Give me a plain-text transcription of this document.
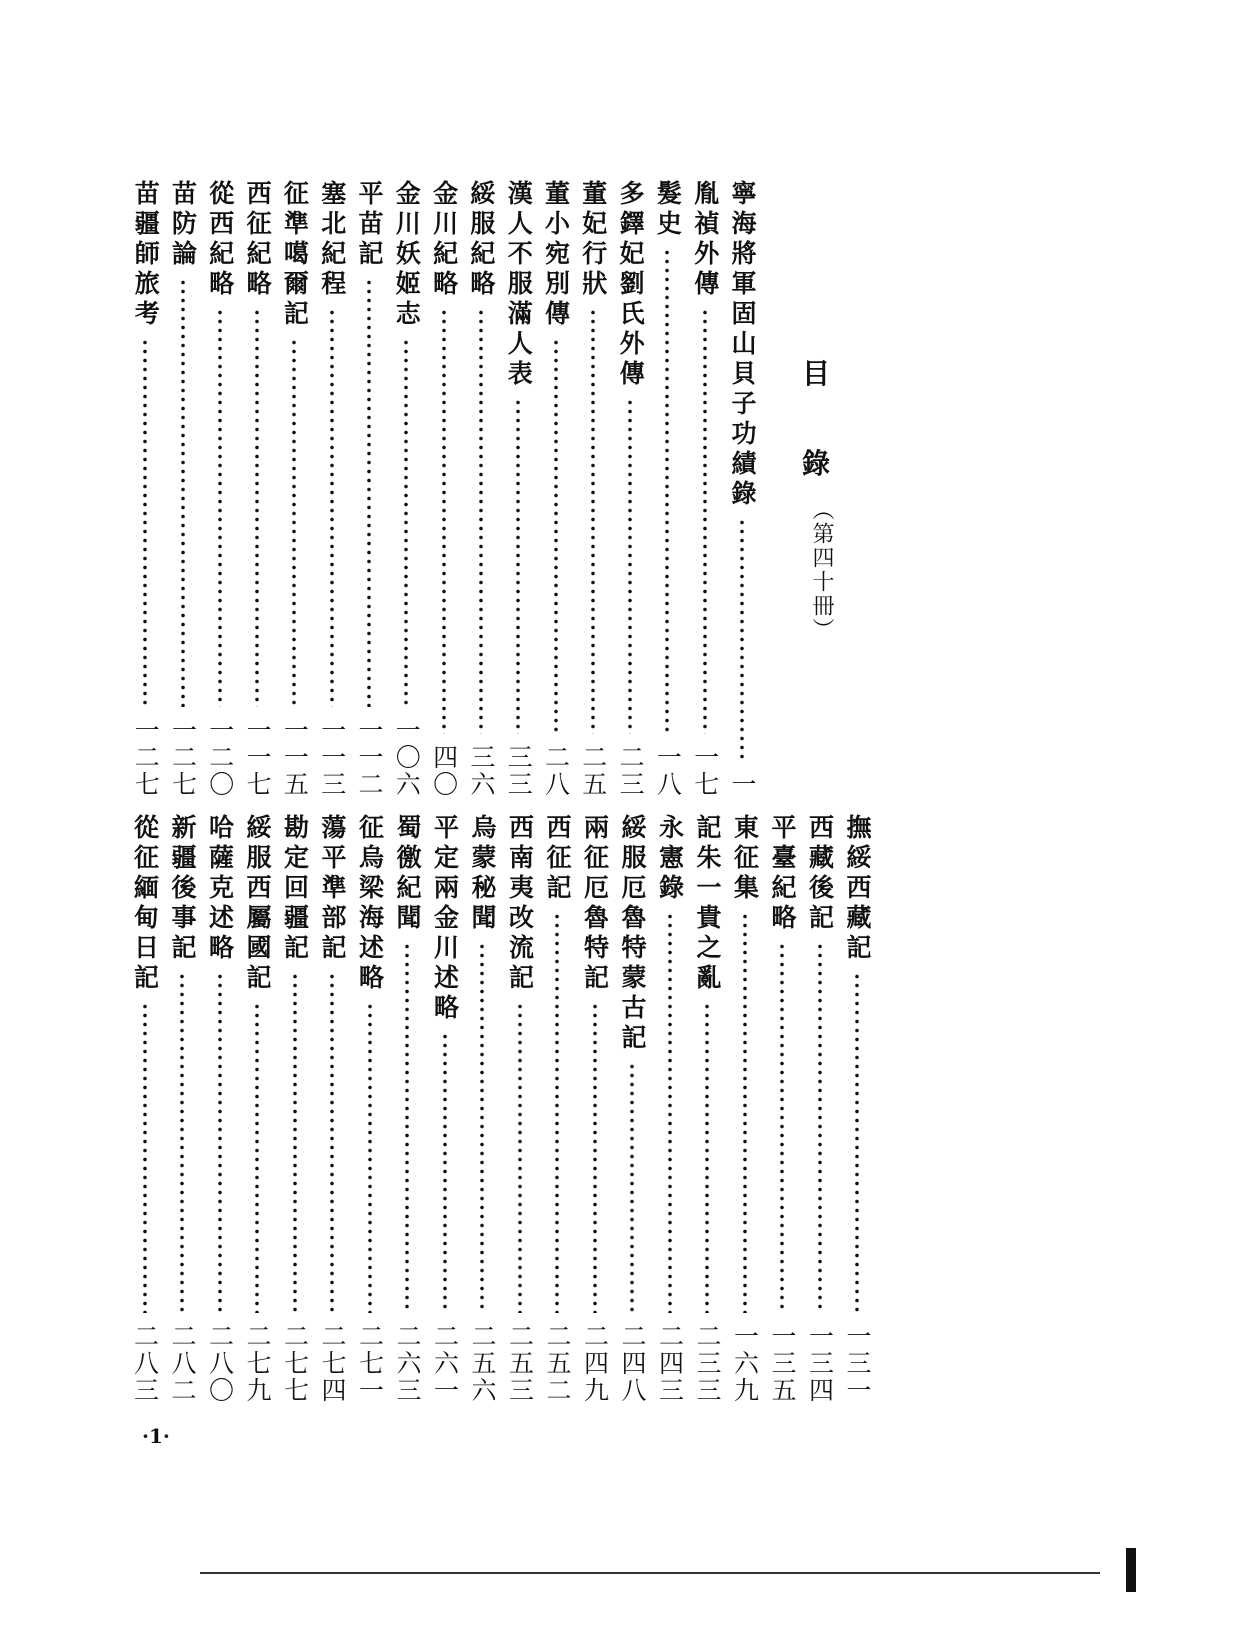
目
錄
（第四十冊）
寧海將軍固山貝子功績錄
一
胤禎外傳
一七
髮史
一八
多鐸妃劉氏外傳
二三
董妃行狀
二五
董小宛別傳
二八
漢人不服滿人表
三三
綏服紀略
三六
金川紀略
四〇
金川妖姬志
一〇六
平苗記
一一二
塞北紀程
一一三
征準噶爾記
一一五
西征紀略
一一七
從西紀略
一二〇
苗防論
一二七
苗疆師旅考
一二七
撫綏西藏記
一三一
西藏後記
一三四
平臺紀略
一三五
東征集
一六九
記朱一貴之亂
二三三
永憲錄
二四三
綏服厄魯特蒙古記
二四八
兩征厄魯特記
二四九
西征記
二五二
西南夷改流記
二五三
烏蒙秘聞
二五六
平定兩金川述略
二六一
蜀徼紀聞
二六三
征烏梁海述略
二七一
蕩平準部記
二七四
勘定回疆記
二七七
綏服西屬國記
二七九
哈薩克述略
二八〇
新疆後事記
二八二
從征緬甸日記
二八三
·1·
